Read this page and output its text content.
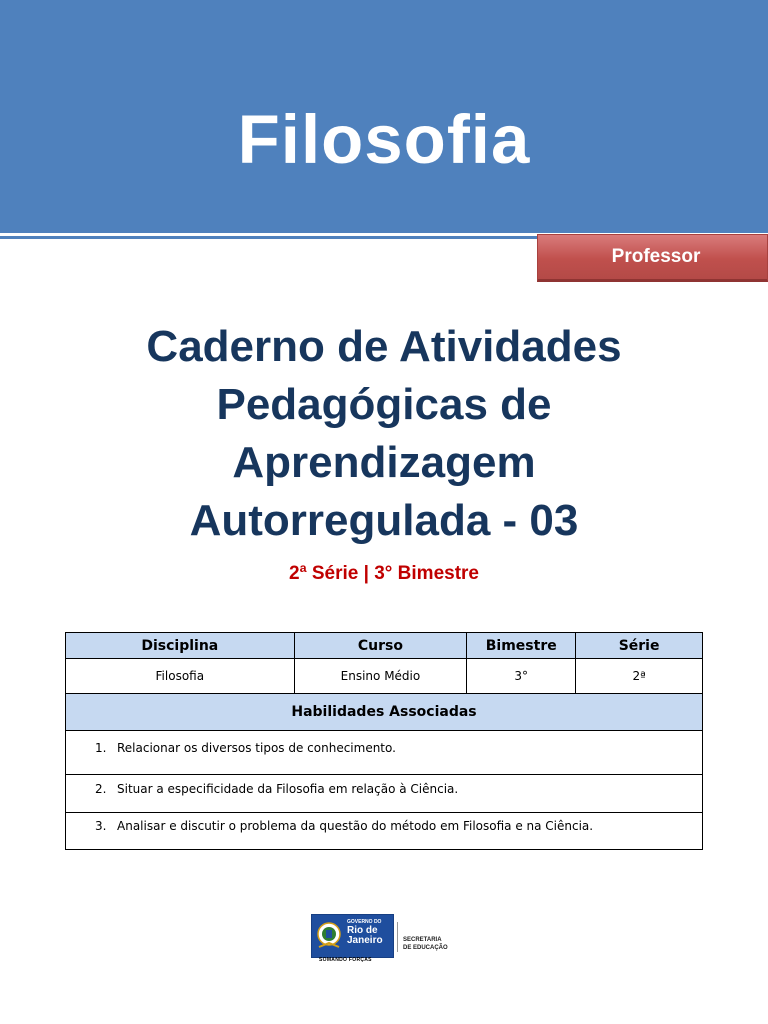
Filosofia
Professor
Caderno de Atividades
Pedagógicas de
Aprendizagem
Autorregulada - 03
2ª Série | 3° Bimestre
Disciplina	Curso	Bimestre	Série
Filosofia	Ensino Médio	3°	2ª
Habilidades Associadas			

1. Relacionar os diversos tipos de conhecimento.			

2. Situar a especificidade da Filosofia em relação à Ciência.			

3. Analisar e discutir o problema da questão do método em Filosofia e na Ciência.			
GOVERNO DO
Rio de
Janeiro
SOMANDO FORÇAS
SECRETARIA
DE EDUCAÇÃO
